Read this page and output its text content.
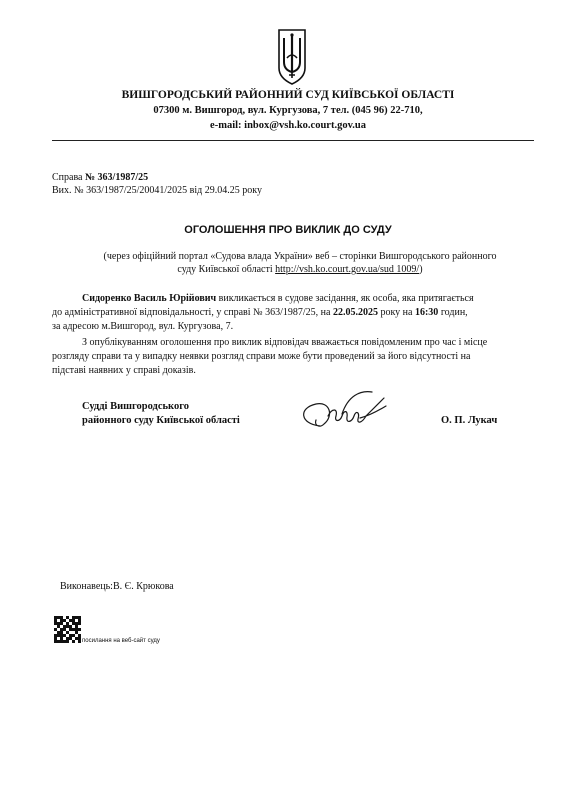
ВИШГОРОДСЬКИЙ РАЙОННИЙ СУД КИЇВСЬКОЇ ОБЛАСТІ
07300 м. Вишгород, вул. Кургузова, 7 тел. (045 96) 22-710,
e-mail: inbox@vsh.ko.court.gov.ua
Справа № 363/1987/25
Вих. № 363/1987/25/20041/2025 від 29.04.25 року
ОГОЛОШЕННЯ ПРО ВИКЛИК ДО СУДУ
(через офіційний портал «Судова влада України» веб – сторінки Вишгородського районного
суду Київської області http://vsh.ko.court.gov.ua/sud 1009/)
Сидоренко Василь Юрійович викликається в судове засідання, як особа, яка притягається
до адміністративної відповідальності, у справі № 363/1987/25, на 22.05.2025 року на 16:30 годин,
за адресою м.Вишгород, вул. Кургузова, 7.
З опублікуванням оголошення про виклик відповідач вважається повідомленим про час і місце
розгляду справи та у випадку неявки розгляд справи може бути проведений за його відсутності на
підставі наявних у справі доказів.
Судді Вишгородського
районного суду Київської області	О. П. Лукач
Виконавець:В. Є. Крюкова
посилання на веб-сайт суду
